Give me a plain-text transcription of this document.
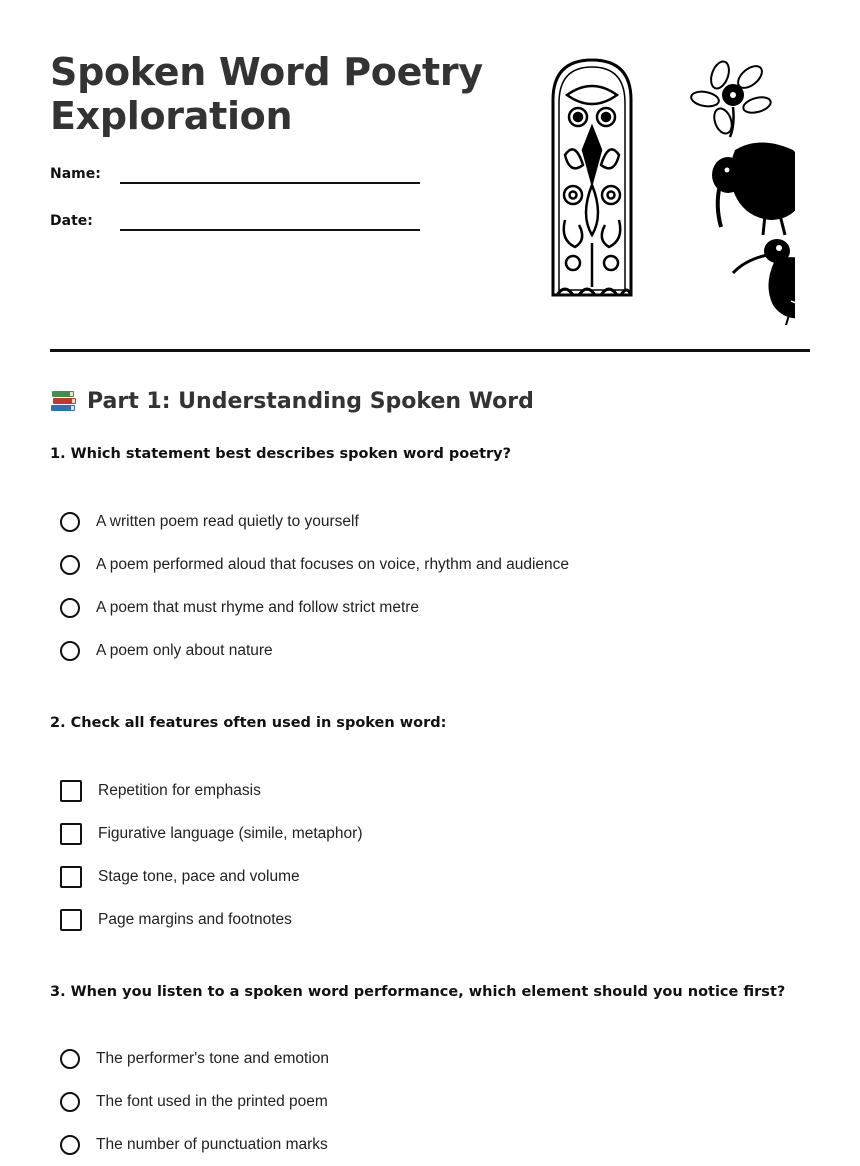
Spoken Word Poetry
Exploration
Name:
Date:
Part 1: Understanding Spoken Word

1. Which statement best describes spoken word poetry?

A written poem read quietly to yourself
A poem performed aloud that focuses on voice, rhythm and audience
A poem that must rhyme and follow strict metre
A poem only about nature

2. Check all features often used in spoken word:

Repetition for emphasis
Figurative language (simile, metaphor)
Stage tone, pace and volume
Page margins and footnotes

3. When you listen to a spoken word performance, which element should you notice first?

The performer's tone and emotion
The font used in the printed poem
The number of punctuation marks
